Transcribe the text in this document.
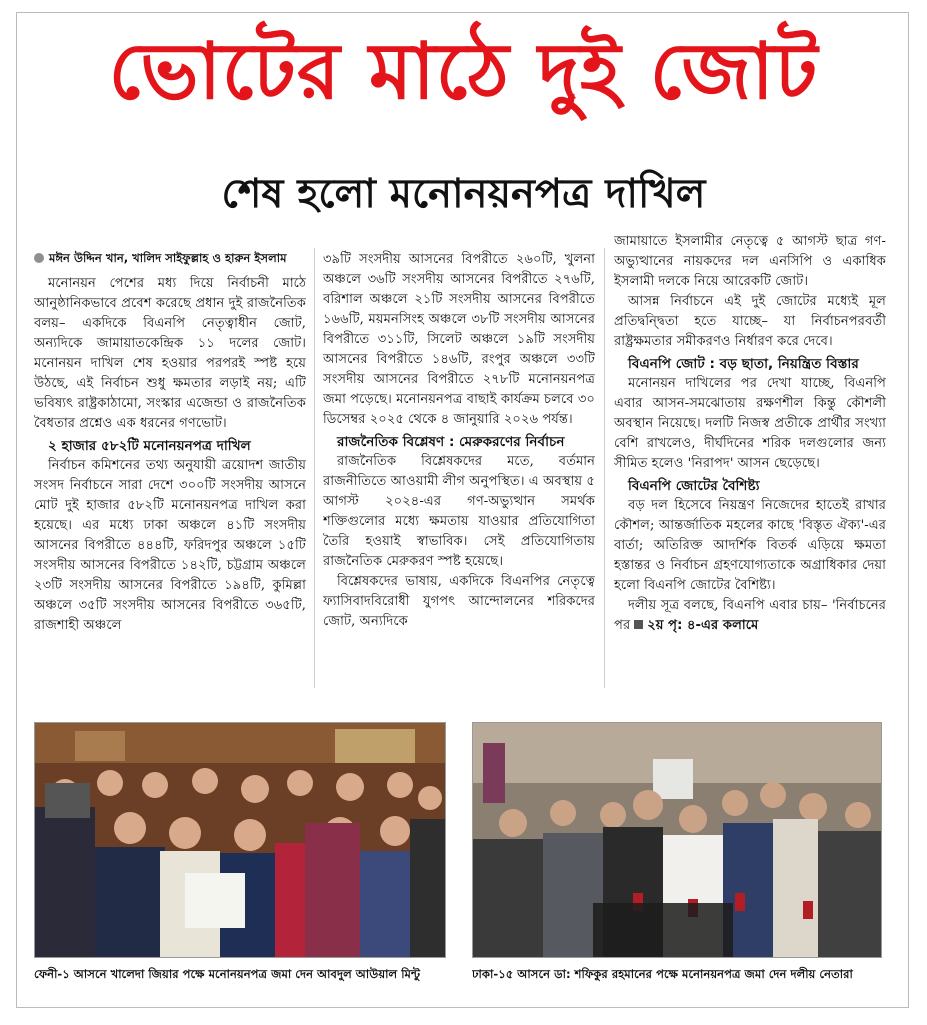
ভোটের মাঠে দুই জোট
শেষ হলো মনোনয়নপত্র দাখিল
মঈন উদ্দিন খান, খালিদ সাইফুল্লাহ ও হারুন ইসলাম

মনোনয়ন পেশের মধ্য দিয়ে নির্বাচনী মাঠে আনুষ্ঠানিকভাবে প্রবেশ করেছে প্রধান দুই রাজনৈতিক বলয়– একদিকে বিএনপি নেতৃত্বাধীন জোট, অন্যদিকে জামায়াতকেন্দ্রিক ১১ দলের জোট। মনোনয়ন দাখিল শেষ হওয়ার পরপরই স্পষ্ট হয়ে উঠছে, এই নির্বাচন শুধু ক্ষমতার লড়াই নয়; এটি ভবিষ্যৎ রাষ্ট্রকাঠামো, সংস্কার এজেন্ডা ও রাজনৈতিক বৈধতার প্রশ্নেও এক ধরনের গণভোট।

২ হাজার ৫৮২টি মনোনয়নপত্র দাখিল

নির্বাচন কমিশনের তথ্য অনুযায়ী ত্রয়োদশ জাতীয় সংসদ নির্বাচনে সারা দেশে ৩০০টি সংসদীয় আসনে মোট দুই হাজার ৫৮২টি মনোনয়নপত্র দাখিল করা হয়েছে। এর মধ্যে ঢাকা অঞ্চলে ৪১টি সংসদীয় আসনের বিপরীতে ৪৪৪টি, ফরিদপুর অঞ্চলে ১৫টি সংসদীয় আসনের বিপরীতে ১৪২টি, চট্টগ্রাম অঞ্চলে ২৩টি সংসদীয় আসনের বিপরীতে ১৯৪টি, কুমিল্লা অঞ্চলে ৩৫টি সংসদীয় আসনের বিপরীতে ৩৬৫টি, রাজশাহী অঞ্চলে

৩৯টি সংসদীয় আসনের বিপরীতে ২৬০টি, খুলনা অঞ্চলে ৩৬টি সংসদীয় আসনের বিপরীতে ২৭৬টি, বরিশাল অঞ্চলে ২১টি সংসদীয় আসনের বিপরীতে ১৬৬টি, ময়মনসিংহ অঞ্চলে ৩৮টি সংসদীয় আসনের বিপরীতে ৩১১টি, সিলেট অঞ্চলে ১৯টি সংসদীয় আসনের বিপরীতে ১৪৬টি, রংপুর অঞ্চলে ৩৩টি সংসদীয় আসনের বিপরীতে ২৭৮টি মনোনয়নপত্র জমা পড়েছে। মনোনয়নপত্র বাছাই কার্যক্রম চলবে ৩০ ডিসেম্বর ২০২৫ থেকে ৪ জানুয়ারি ২০২৬ পর্যন্ত।

রাজনৈতিক বিশ্লেষণ : মেরুকরণের নির্বাচন

রাজনৈতিক বিশ্লেষকদের মতে, বর্তমান রাজনীতিতে আওয়ামী লীগ অনুপস্থিত। এ অবস্থায় ৫ আগস্ট ২০২৪-এর গণ-অভ্যুত্থান সমর্থক শক্তিগুলোর মধ্যে ক্ষমতায় যাওয়ার প্রতিযোগিতা তৈরি হওয়াই স্বাভাবিক। সেই প্রতিযোগিতায় রাজনৈতিক মেরুকরণ স্পষ্ট হয়েছে।

বিশ্লেষকদের ভাষায়, একদিকে বিএনপির নেতৃত্বে ফ্যাসিবাদবিরোধী যুগপৎ আন্দোলনের শরিকদের জোট, অন্যদিকে

জামায়াতে ইসলামীর নেতৃত্বে ৫ আগস্ট ছাত্র গণ-অভ্যুত্থানের নায়কদের দল এনসিপি ও একাধিক ইসলামী দলকে নিয়ে আরেকটি জোট।

আসন্ন নির্বাচনে এই দুই জোটের মধ্যেই মূল প্রতিদ্বন্দ্বিতা হতে যাচ্ছে– যা নির্বাচনপরবর্তী রাষ্ট্রক্ষমতার সমীকরণও নির্ধারণ করে দেবে।

বিএনপি জোট : বড় ছাতা, নিয়ন্ত্রিত বিস্তার

মনোনয়ন দাখিলের পর দেখা যাচ্ছে, বিএনপি এবার আসন-সমঝোতায় রক্ষণশীল কিন্তু কৌশলী অবস্থান নিয়েছে। দলটি নিজস্ব প্রতীকে প্রার্থীর সংখ্যা বেশি রাখলেও, দীর্ঘদিনের শরিক দলগুলোর জন্য সীমিত হলেও 'নিরাপদ' আসন ছেড়েছে।

বিএনপি জোটের বৈশিষ্ট্য

বড় দল হিসেবে নিয়ন্ত্রণ নিজেদের হাতেই রাখার কৌশল; আন্তর্জাতিক মহলের কাছে 'বিস্তৃত ঐক্য'-এর বার্তা; অতিরিক্ত আদর্শিক বিতর্ক এড়িয়ে ক্ষমতা হস্তান্তর ও নির্বাচন গ্রহণযোগ্যতাকে অগ্রাধিকার দেয়া হলো বিএনপি জোটের বৈশিষ্ট্য।

দলীয় সূত্র বলছে, বিএনপি এবার চায়– 'নির্বাচনের পর ২য় পৃ: ৪-এর কলামে

ফেনী-১ আসনে খালেদা জিয়ার পক্ষে মনোনয়নপত্র জমা দেন আবদুল আউয়াল মিন্টু	ঢাকা-১৫ আসনে ডা: শফিকুর রহমানের পক্ষে মনোনয়নপত্র জমা দেন দলীয় নেতারা
